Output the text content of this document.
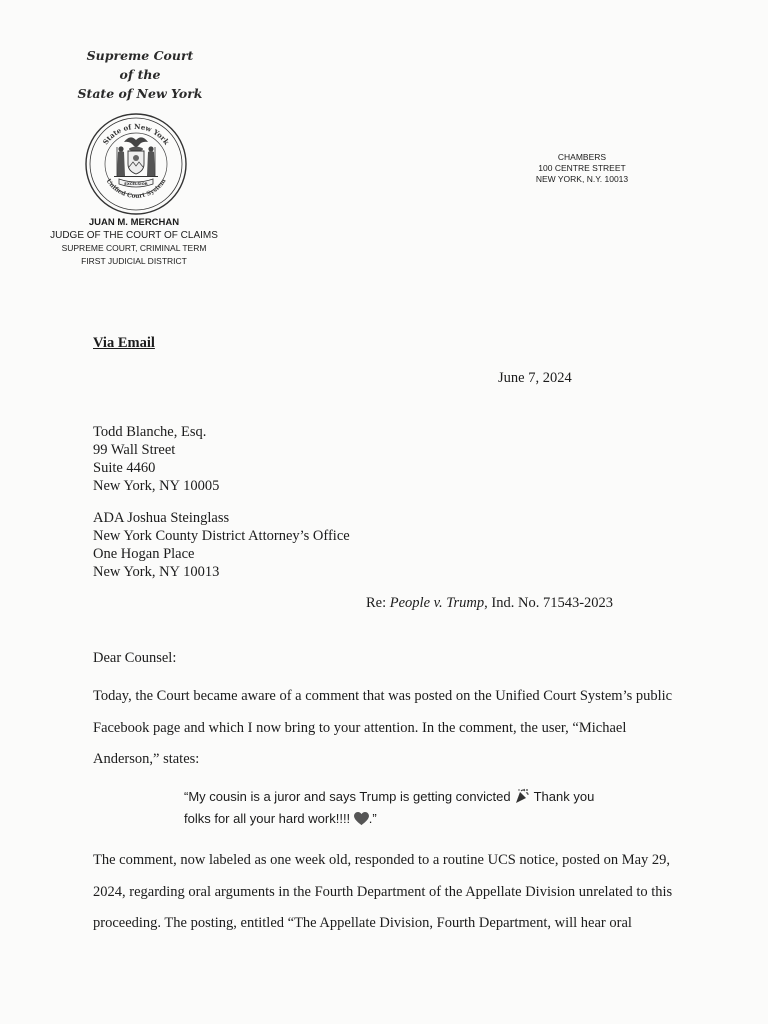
Supreme Court
of the
State of New York
State of New York
Unified Court System
EXCELSIOR
JUAN M. MERCHAN
JUDGE OF THE COURT OF CLAIMS
SUPREME COURT, CRIMINAL TERM
FIRST JUDICIAL DISTRICT
CHAMBERS
100 CENTRE STREET
NEW YORK, N.Y. 10013
Via Email
June 7, 2024
Todd Blanche, Esq.
99 Wall Street
Suite 4460
New York, NY 10005
ADA Joshua Steinglass
New York County District Attorney’s Office
One Hogan Place
New York, NY 10013
Re: People v. Trump, Ind. No. 71543-2023
Dear Counsel:
Today, the Court became aware of a comment that was posted on the Unified Court System’s public
Facebook page and which I now bring to your attention. In the comment, the user, “Michael
Anderson,” states:
“My cousin is a juror and says Trump is getting convicted Thank you
folks for all your hard work!!!! .”
The comment, now labeled as one week old, responded to a routine UCS notice, posted on May 29,
2024, regarding oral arguments in the Fourth Department of the Appellate Division unrelated to this
proceeding. The posting, entitled “The Appellate Division, Fourth Department, will hear oral
